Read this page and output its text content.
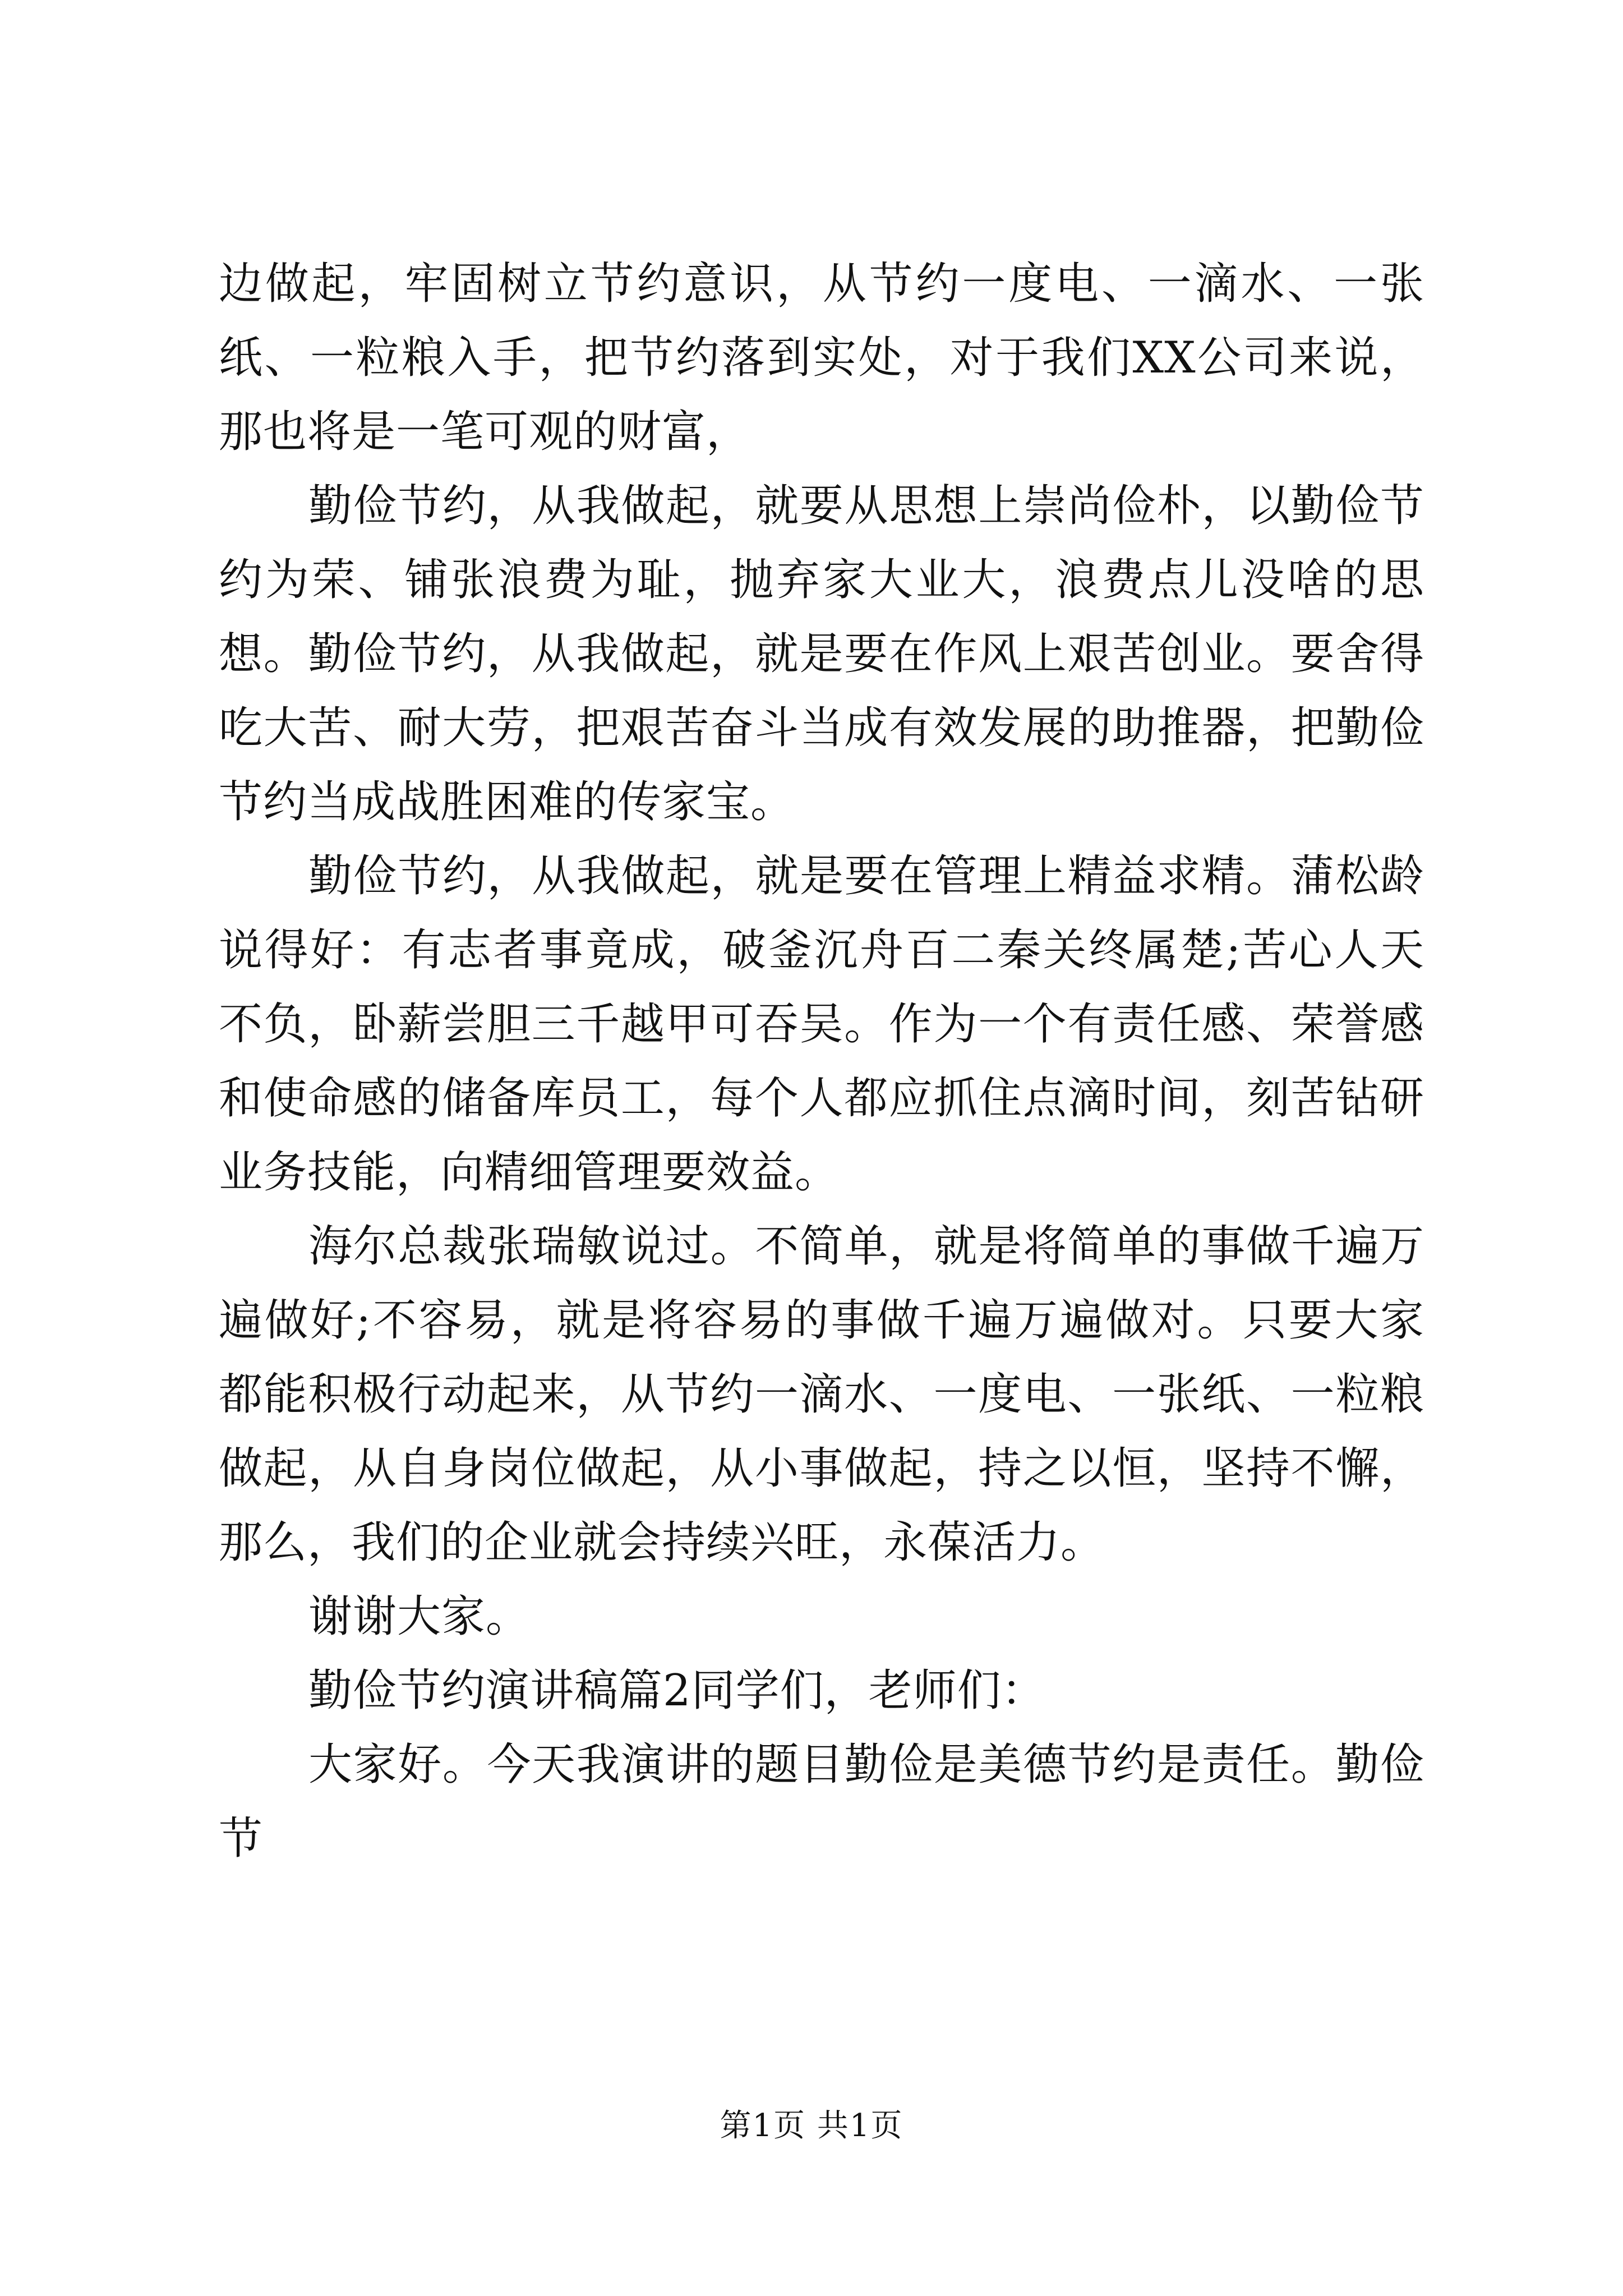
边做起，牢固树立节约意识，从节约一度电、一滴水、一张纸、一粒粮入手，把节约落到实处，对于我们XX公司来说，那也将是一笔可观的财富，

勤俭节约，从我做起，就要从思想上崇尚俭朴，以勤俭节约为荣、铺张浪费为耻，抛弃家大业大，浪费点儿没啥的思想。勤俭节约，从我做起，就是要在作风上艰苦创业。要舍得吃大苦、耐大劳，把艰苦奋斗当成有效发展的助推器，把勤俭节约当成战胜困难的传家宝。

勤俭节约，从我做起，就是要在管理上精益求精。蒲松龄说得好：有志者事竟成，破釜沉舟百二秦关终属楚;苦心人天不负，卧薪尝胆三千越甲可吞吴。作为一个有责任感、荣誉感和使命感的储备库员工，每个人都应抓住点滴时间，刻苦钻研业务技能，向精细管理要效益。

海尔总裁张瑞敏说过。不简单，就是将简单的事做千遍万遍做好;不容易，就是将容易的事做千遍万遍做对。只要大家都能积极行动起来，从节约一滴水、一度电、一张纸、一粒粮做起，从自身岗位做起，从小事做起，持之以恒，坚持不懈，那么，我们的企业就会持续兴旺，永葆活力。

谢谢大家。

勤俭节约演讲稿篇2同学们，老师们：

大家好。今天我演讲的题目勤俭是美德节约是责任。勤俭节

第1页 共1页
